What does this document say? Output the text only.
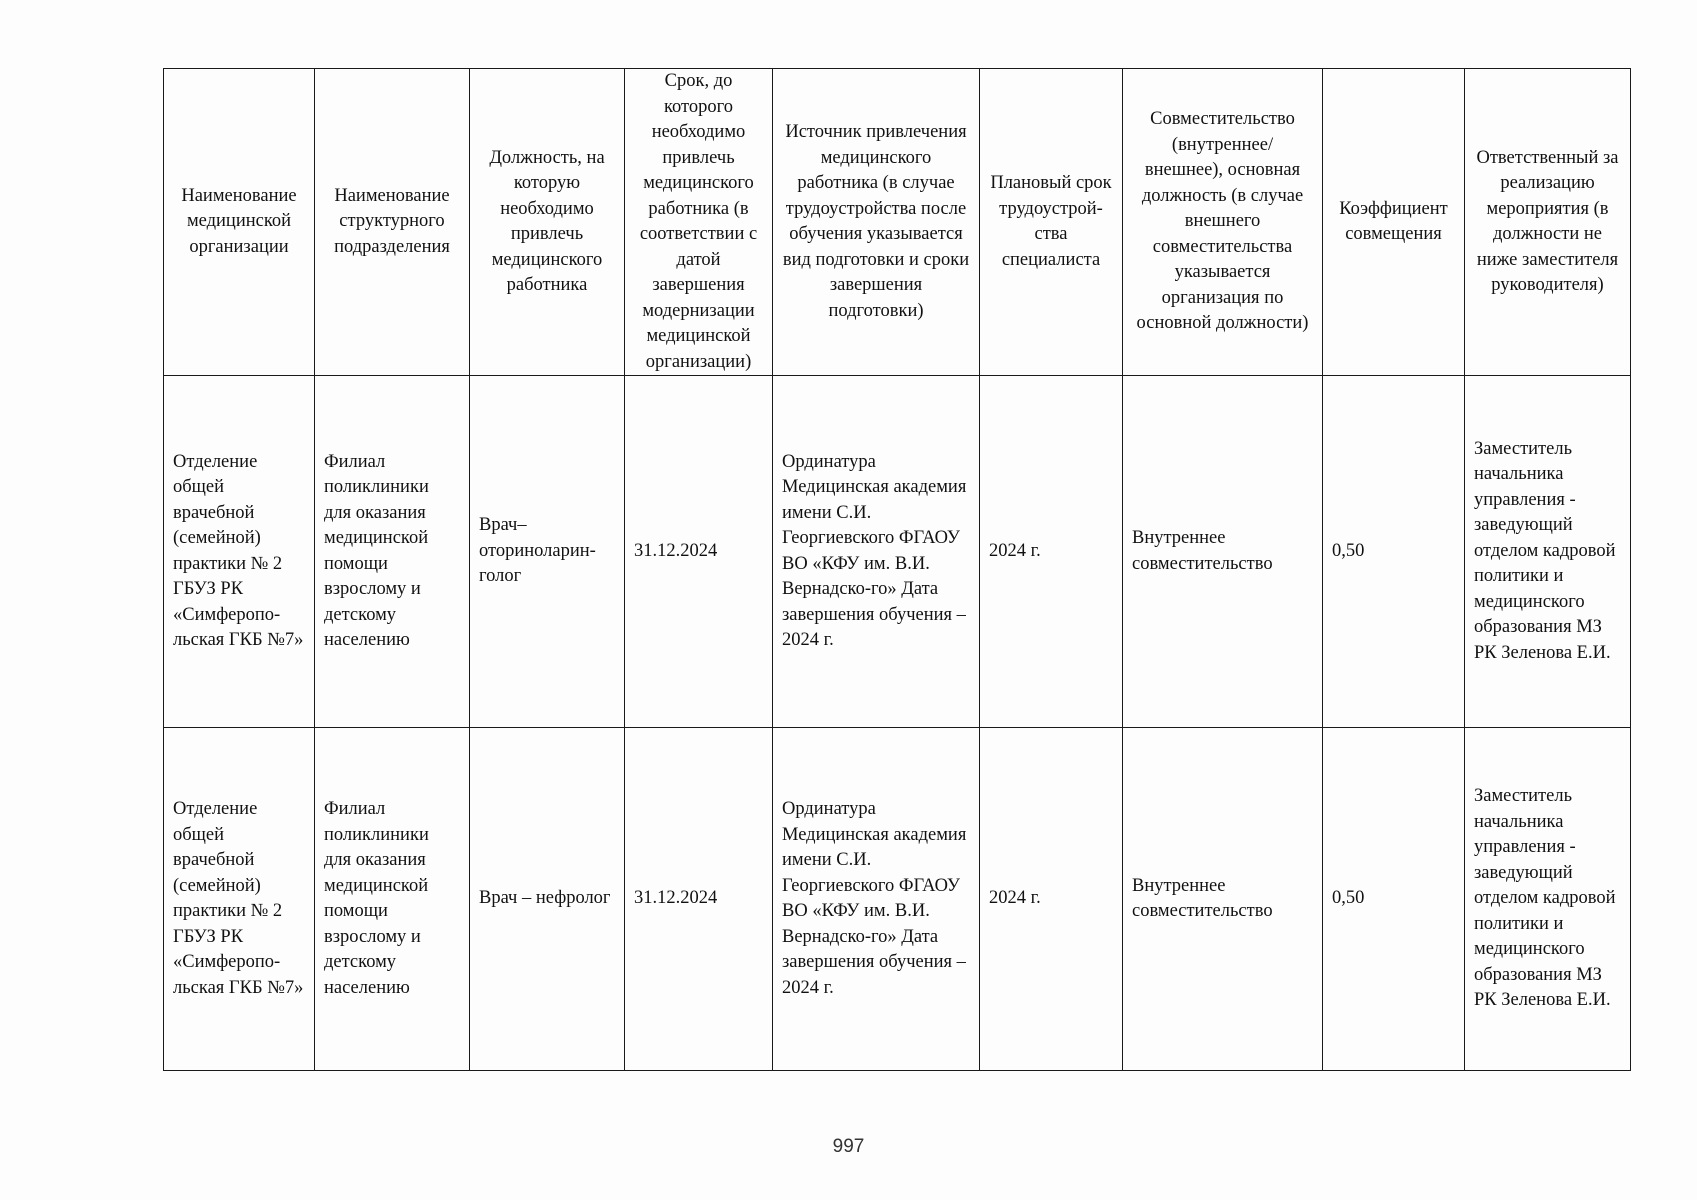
Наименование медицинской организации	Наименование структурного подразделения	Должность, на которую необходимо привлечь медицинского работника	Срок, до которого необходимо привлечь медицинского работника (в соответствии с датой завершения модернизации медицинской организации)	Источник привлечения медицинского работника (в случае трудоустройства после обучения указывается вид подготовки и сроки завершения подготовки)	Плановый срок трудоустрой-ства специалиста	Совместительство (внутреннее/ внешнее), основная должность (в случае внешнего совместительства указывается организация по основной должности)	Коэффициент совмещения	Ответственный за реализацию мероприятия (в должности не ниже заместителя руководителя)
Отделение общей врачебной (семейной) практики № 2 ГБУЗ РК «Симферопо-льская ГКБ №7»	Филиал поликлиники для оказания медицинской помощи взрослому и детскому населению	Врач– оториноларин-голог	31.12.2024	Ординатура Медицинская академия имени С.И. Георгиевского ФГАОУ ВО «КФУ им. В.И. Вернадско-го» Дата завершения обучения – 2024 г.	2024 г.	Внутреннее совместительство	0,50	Заместитель начальника управления - заведующий отделом кадровой политики и медицинского образования МЗ РК Зеленова Е.И.
Отделение общей врачебной (семейной) практики № 2 ГБУЗ РК «Симферопо-льская ГКБ №7»	Филиал поликлиники для оказания медицинской помощи взрослому и детскому населению	Врач – нефролог	31.12.2024	Ординатура Медицинская академия имени С.И. Георгиевского ФГАОУ ВО «КФУ им. В.И. Вернадско-го» Дата завершения обучения – 2024 г.	2024 г.	Внутреннее совместительство	0,50	Заместитель начальника управления - заведующий отделом кадровой политики и медицинского образования МЗ РК Зеленова Е.И.
997
